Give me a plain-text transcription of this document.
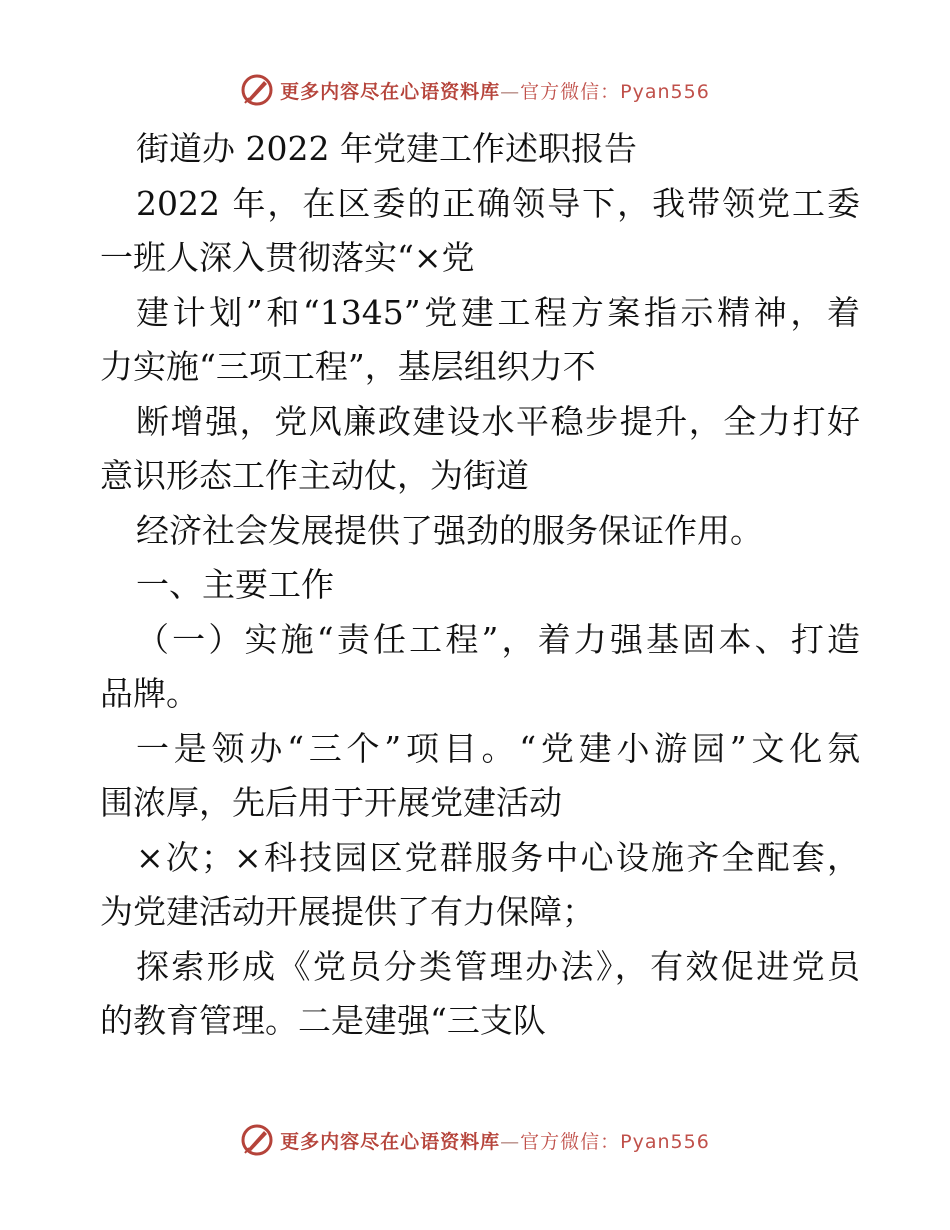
更多内容尽在心语资料库—官方微信：Pyan556
街道办 2022 年党建工作述职报告
2022 年，在区委的正确领导下，我带领党工委
一班人深入贯彻落实“×党
建计划”和“1345”党建工程方案指示精神，着
力实施“三项工程”，基层组织力不
断增强，党风廉政建设水平稳步提升，全力打好
意识形态工作主动仗，为街道
经济社会发展提供了强劲的服务保证作用。
一、主要工作
（一）实施“责任工程”，着力强基固本、打造
品牌。
一是领办“三个”项目。“党建小游园”文化氛
围浓厚，先后用于开展党建活动
×次；×科技园区党群服务中心设施齐全配套，
为党建活动开展提供了有力保障；
探索形成《党员分类管理办法》，有效促进党员
的教育管理。二是建强“三支队
更多内容尽在心语资料库—官方微信：Pyan556
